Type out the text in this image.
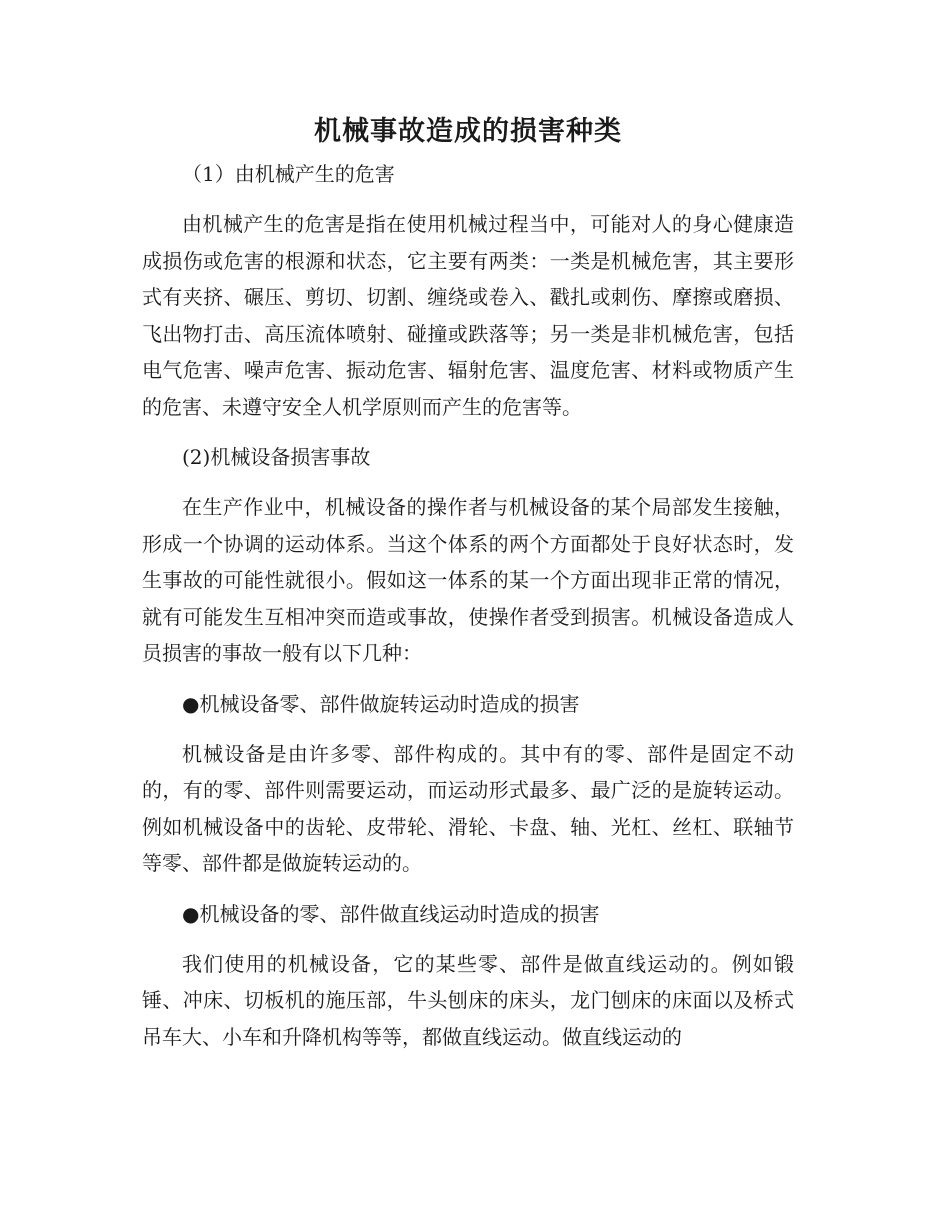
机械事故造成的损害种类

（1）由机械产生的危害

由机械产生的危害是指在使用机械过程当中，可能对人的身心健康造成损伤或危害的根源和状态，它主要有两类：一类是机械危害，其主要形式有夹挤、碾压、剪切、切割、缠绕或卷入、戳扎或刺伤、摩擦或磨损、飞出物打击、高压流体喷射、碰撞或跌落等；另一类是非机械危害，包括电气危害、噪声危害、振动危害、辐射危害、温度危害、材料或物质产生的危害、未遵守安全人机学原则而产生的危害等。

(2)机械设备损害事故

在生产作业中，机械设备的操作者与机械设备的某个局部发生接触，形成一个协调的运动体系。当这个体系的两个方面都处于良好状态时，发生事故的可能性就很小。假如这一体系的某一个方面出现非正常的情况，就有可能发生互相冲突而造或事故，使操作者受到损害。机械设备造成人员损害的事故一般有以下几种：

●机械设备零、部件做旋转运动时造成的损害

机械设备是由许多零、部件构成的。其中有的零、部件是固定不动的，有的零、部件则需要运动，而运动形式最多、最广泛的是旋转运动。例如机械设备中的齿轮、皮带轮、滑轮、卡盘、轴、光杠、丝杠、联轴节等零、部件都是做旋转运动的。

●机械设备的零、部件做直线运动时造成的损害

我们使用的机械设备，它的某些零、部件是做直线运动的。例如锻锤、冲床、切板机的施压部，牛头刨床的床头，龙门刨床的床面以及桥式吊车大、小车和升降机构等等，都做直线运动。做直线运动的
